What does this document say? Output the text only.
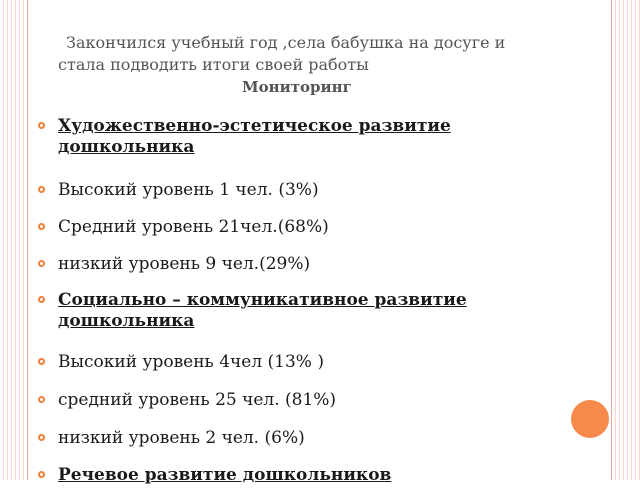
Закончился учебный год ,села бабушка на досуге и
стала подводить итоги своей работы
Мониторинг
Художественно-эстетическое развитие дошкольника
Высокий уровень 1 чел. (3%)
Средний уровень 21чел.(68%)
низкий уровень 9 чел.(29%)
Социально – коммуникативное развитие дошкольника
Высокий уровень 4чел (13% )
средний уровень 25 чел. (81%)
низкий уровень 2 чел. (6%)
Речевое развитие дошкольников
